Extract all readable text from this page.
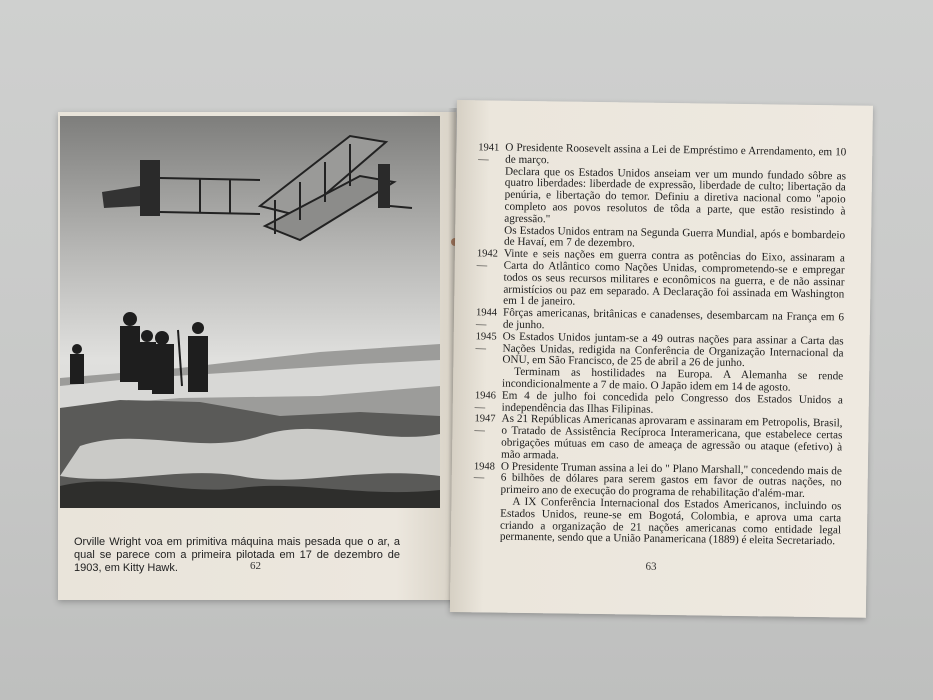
Orville Wright voa em primitiva máquina mais pesada que o ar, a qual se parece com a primeira pilotada em 17 de dezembro de 1903, em Kitty Hawk.	62
1941—
O Presidente Roosevelt assina a Lei de Empréstimo e Arrendamento, em 10 de março.
Declara que os Estados Unidos anseiam ver um mundo fundado sôbre as quatro liberdades: liberdade de expressão, liberdade de culto; libertação da penúria, e libertação do temor. Definiu a diretiva nacional como "apoio completo aos povos resolutos de tôda a parte, que estão resistindo à agressão."
Os Estados Unidos entram na Segunda Guerra Mundial, após e bombardeio de Havaí, em 7 de dezembro.
1942—
Vinte e seis nações em guerra contra as potências do Eixo, assinaram a Carta do Atlântico como Nações Unidas, comprometendo-se e empregar todos os seus recursos militares e econômicos na guerra, e de não assinar armistícios ou paz em separado. A Declaração foi assinada em Washington em 1 de janeiro.
1944—
Fôrças americanas, britânicas e canadenses, desembarcam na França em 6 de junho.
1945—
Os Estados Unidos juntam-se a 49 outras nações para assinar a Carta das Nações Unidas, redigida na Conferência de Organização Internacional da ONU, em São Francisco, de 25 de abril a 26 de junho.
Terminam as hostilidades na Europa. A Alemanha se rende incondicionalmente a 7 de maio. O Japão idem em 14 de agosto.
1946—
Em 4 de julho foi concedida pelo Congresso dos Estados Unidos a independência das Ilhas Filipinas.
1947—
As 21 Repúblicas Americanas aprovaram e assinaram em Petropolis, Brasil, o Tratado de Assistência Recíproca Interamericana, que estabelece certas obrigações mútuas em caso de ameaça de agressão ou ataque (efetivo) à mão armada.
1948—
O Presidente Truman assina a lei do " Plano Marshall," concedendo mais de 6 bilhões de dólares para serem gastos em favor de outras nações, no primeiro ano de execução do programa de rehabilitação d'além-mar.
A IX Conferência Internacional dos Estados Americanos, incluindo os Estados Unidos, reune-se em Bogotá, Colombia, e aprova uma carta criando a organização de 21 nações americanas como entidade legal permanente, sendo que a União Panamericana (1889) é eleita Secretariado.
63
